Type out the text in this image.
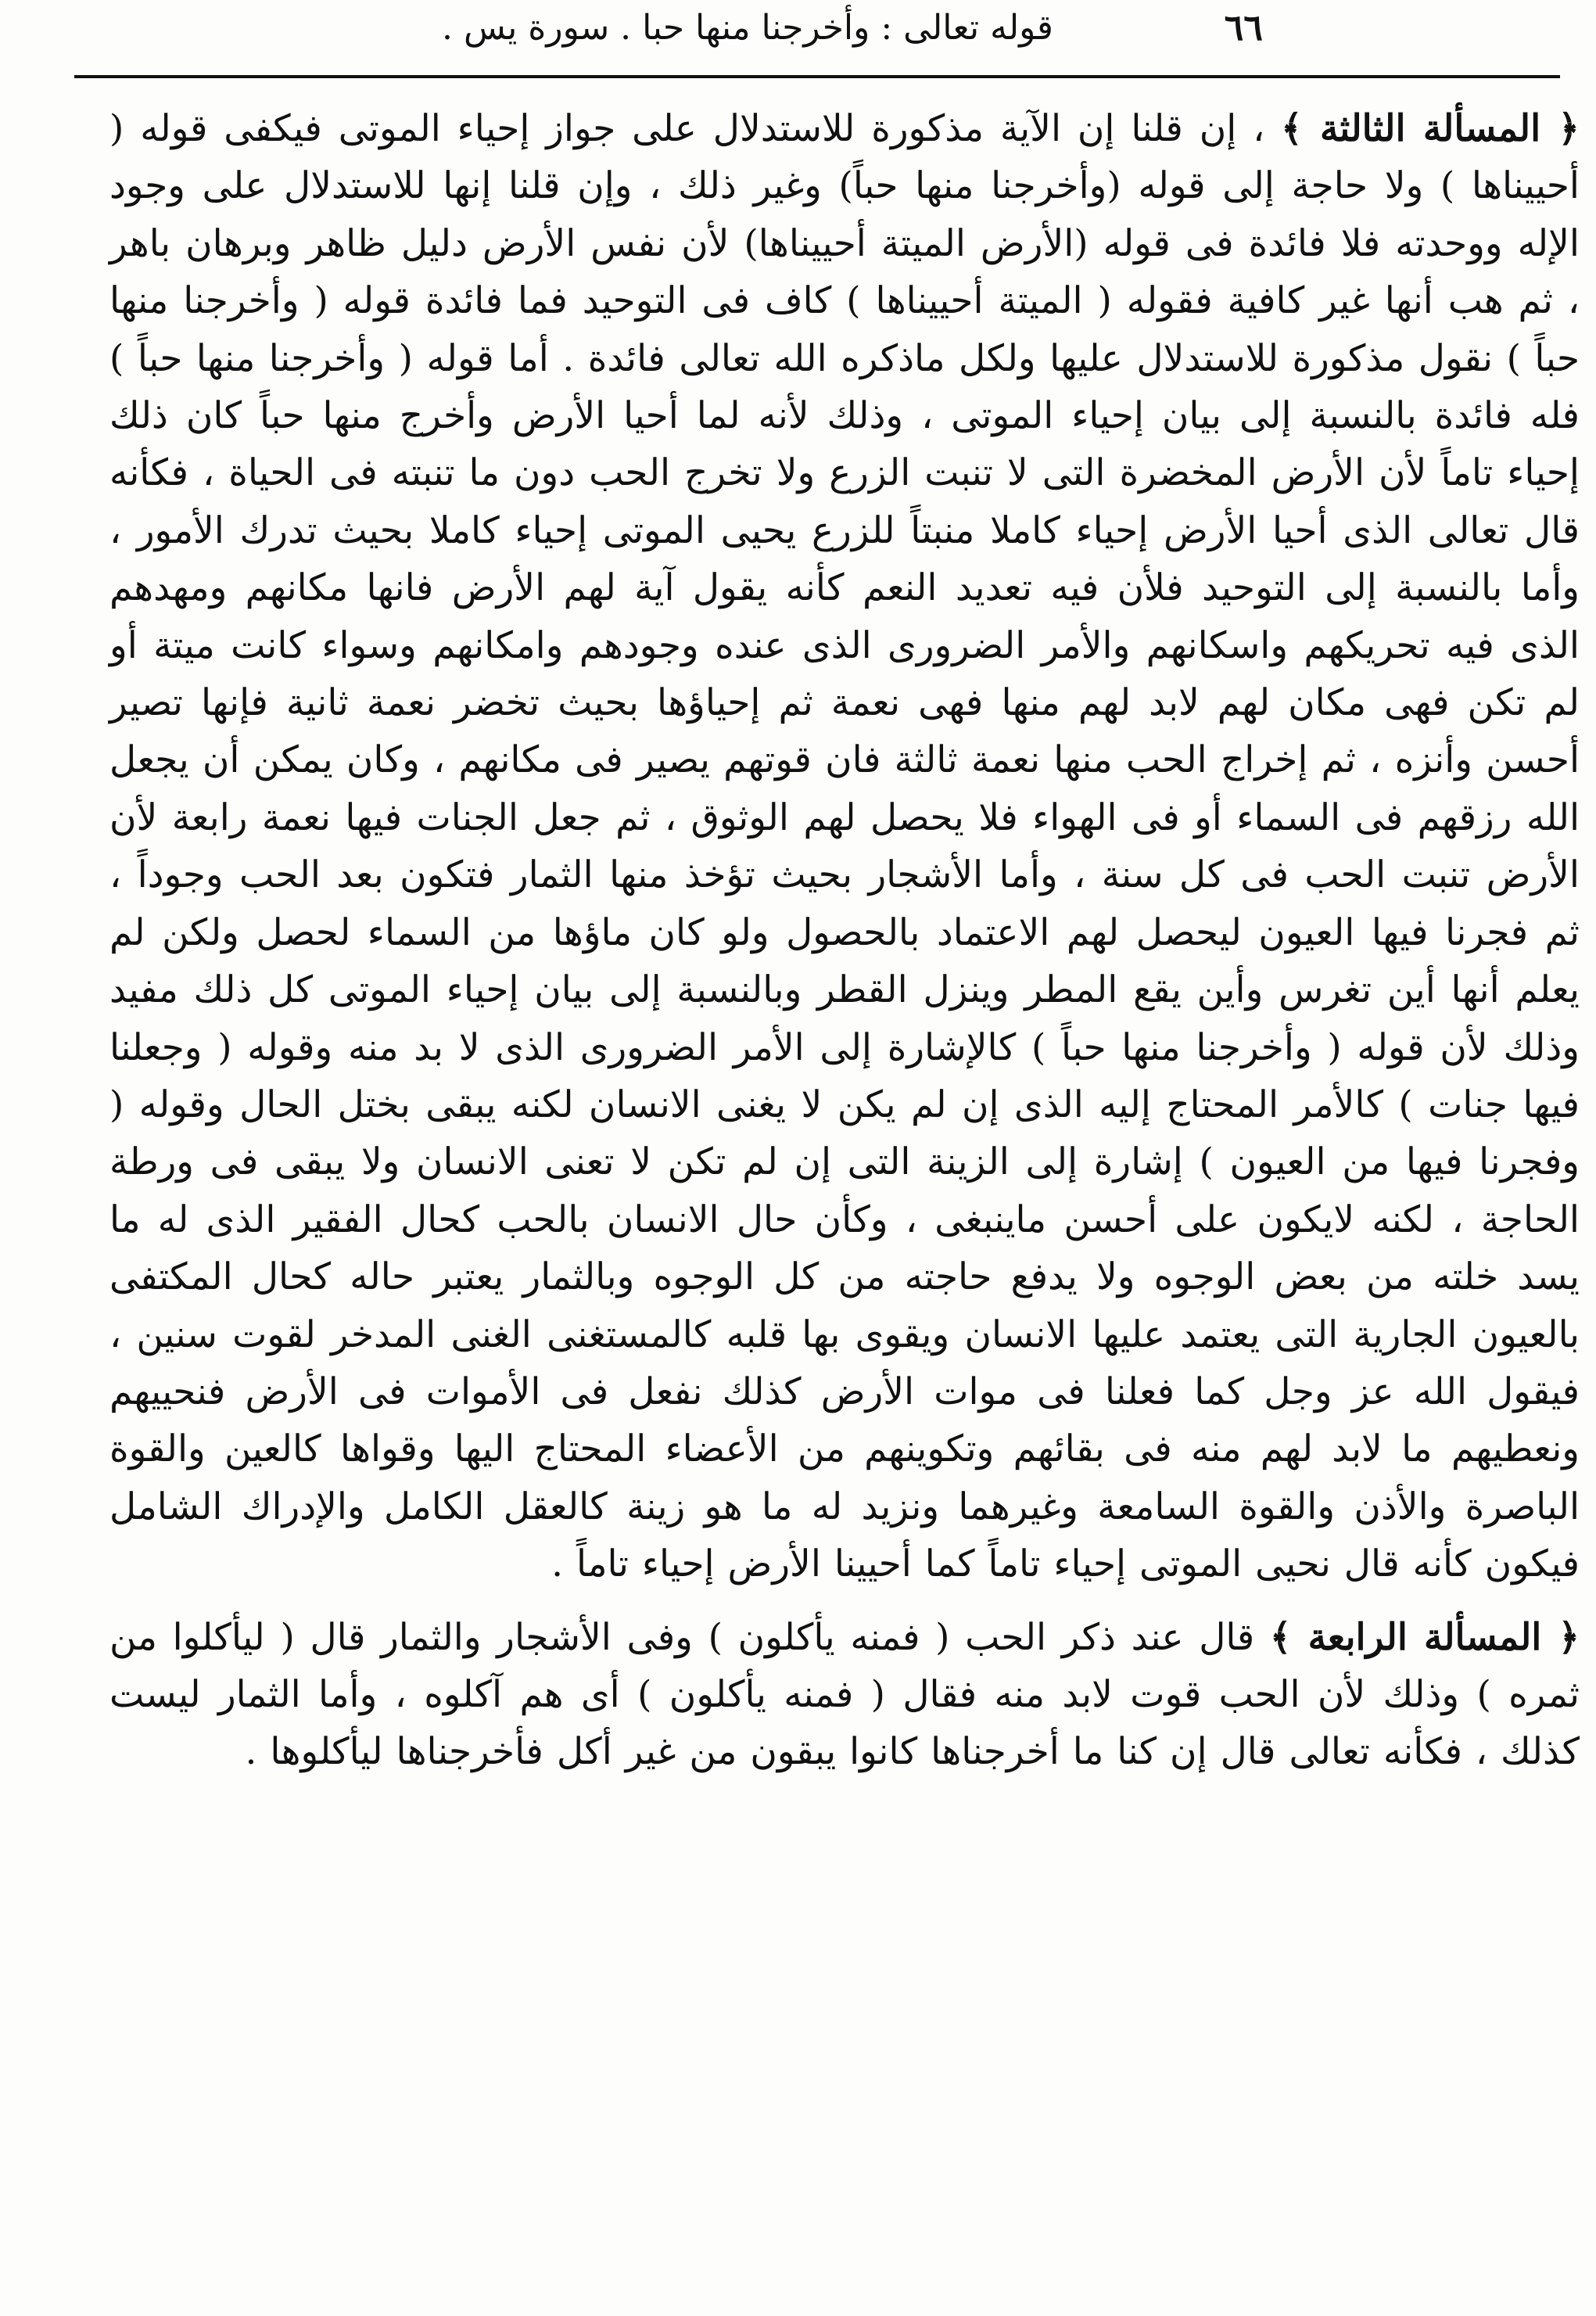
٦٦
قوله تعالى : وأخرجنا منها حبا . سورة يس .

﴿ المسألة الثالثة ﴾ ، إن قلنا إن الآية مذكورة للاستدلال على جواز إحياء الموتى فيكفى قوله ( أحييناها ) ولا حاجة إلى قوله (وأخرجنا منها حباً) وغير ذلك ، وإن قلنا إنها للاستدلال على وجود الإله ووحدته فلا فائدة فى قوله (الأرض الميتة أحييناها) لأن نفس الأرض دليل ظاهر وبرهان باهر ، ثم هب أنها غير كافية فقوله ( الميتة أحييناها ) كاف فى التوحيد فما فائدة قوله ( وأخرجنا منها حباً ) نقول مذكورة للاستدلال عليها ولكل ماذكره الله تعالى فائدة . أما قوله ( وأخرجنا منها حباً ) فله فائدة بالنسبة إلى بيان إحياء الموتى ، وذلك لأنه لما أحيا الأرض وأخرج منها حباً كان ذلك إحياء تاماً لأن الأرض المخضرة التى لا تنبت الزرع ولا تخرج الحب دون ما تنبته فى الحياة ، فكأنه قال تعالى الذى أحيا الأرض إحياء كاملا منبتاً للزرع يحيى الموتى إحياء كاملا بحيث تدرك الأمور ، وأما بالنسبة إلى التوحيد فلأن فيه تعديد النعم كأنه يقول آية لهم الأرض فانها مكانهم ومهدهم الذى فيه تحريكهم واسكانهم والأمر الضرورى الذى عنده وجودهم وامكانهم وسواء كانت ميتة أو لم تكن فهى مكان لهم لابد لهم منها فهى نعمة ثم إحياؤها بحيث تخضر نعمة ثانية فإنها تصير أحسن وأنزه ، ثم إخراج الحب منها نعمة ثالثة فان قوتهم يصير فى مكانهم ، وكان يمكن أن يجعل الله رزقهم فى السماء أو فى الهواء فلا يحصل لهم الوثوق ، ثم جعل الجنات فيها نعمة رابعة لأن الأرض تنبت الحب فى كل سنة ، وأما الأشجار بحيث تؤخذ منها الثمار فتكون بعد الحب وجوداً ، ثم فجرنا فيها العيون ليحصل لهم الاعتماد بالحصول ولو كان ماؤها من السماء لحصل ولكن لم يعلم أنها أين تغرس وأين يقع المطر وينزل القطر وبالنسبة إلى بيان إحياء الموتى كل ذلك مفيد وذلك لأن قوله ( وأخرجنا منها حباً ) كالإشارة إلى الأمر الضرورى الذى لا بد منه وقوله ( وجعلنا فيها جنات ) كالأمر المحتاج إليه الذى إن لم يكن لا يغنى الانسان لكنه يبقى بختل الحال وقوله ( وفجرنا فيها من العيون ) إشارة إلى الزينة التى إن لم تكن لا تعنى الانسان ولا يبقى فى ورطة الحاجة ، لكنه لايكون على أحسن ماينبغى ، وكأن حال الانسان بالحب كحال الفقير الذى له ما يسد خلته من بعض الوجوه ولا يدفع حاجته من كل الوجوه وبالثمار يعتبر حاله كحال المكتفى بالعيون الجارية التى يعتمد عليها الانسان ويقوى بها قلبه كالمستغنى الغنى المدخر لقوت سنين ، فيقول الله عز وجل كما فعلنا فى موات الأرض كذلك نفعل فى الأموات فى الأرض فنحييهم ونعطيهم ما لابد لهم منه فى بقائهم وتكوينهم من الأعضاء المحتاج اليها وقواها كالعين والقوة الباصرة والأذن والقوة السامعة وغيرهما ونزيد له ما هو زينة كالعقل الكامل والإدراك الشامل فيكون كأنه قال نحيى الموتى إحياء تاماً كما أحيينا الأرض إحياء تاماً .

﴿ المسألة الرابعة ﴾ قال عند ذكر الحب ( فمنه يأكلون ) وفى الأشجار والثمار قال ( ليأكلوا من ثمره ) وذلك لأن الحب قوت لابد منه فقال ( فمنه يأكلون ) أى هم آكلوه ، وأما الثمار ليست كذلك ، فكأنه تعالى قال إن كنا ما أخرجناها كانوا يبقون من غير أكل فأخرجناها ليأكلوها .
